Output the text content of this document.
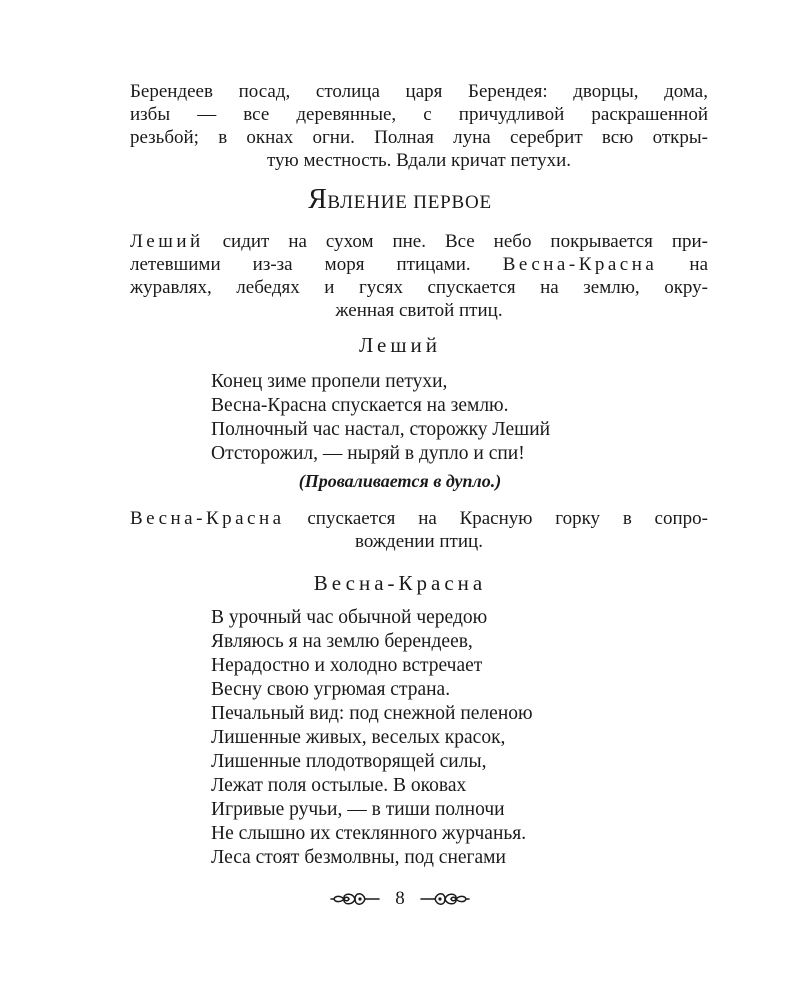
Берендеев посад, столица царя Берендея: дворцы, дома,
избы — все деревянные, с причудливой раскрашенной
резьбой; в окнах огни. Полная луна серебрит всю откры-
тую местность. Вдали кричат петухи.
ЯВЛЕНИЕ ПЕРВОЕ
Леший сидит на сухом пне. Все небо покрывается при-
летевшими из-за моря птицами. Весна-Красна на
журавлях, лебедях и гусях спускается на землю, окру-
женная свитой птиц.
Леший
Конец зиме пропели петухи,
Весна-Красна спускается на землю.
Полночный час настал, сторожку Леший
Отсторожил, — ныряй в дупло и спи!
(Проваливается в дупло.)
Весна-Красна спускается на Красную горку в сопро-
вождении птиц.
Весна-Красна
В урочный час обычной чередою
Являюсь я на землю берендеев,
Нерадостно и холодно встречает
Весну свою угрюмая страна.
Печальный вид: под снежной пеленою
Лишенные живых, веселых красок,
Лишенные плодотворящей силы,
Лежат поля остылые. В оковах
Игривые ручьи, — в тиши полночи
Не слышно их стеклянного журчанья.
Леса стоят безмолвны, под снегами
8
